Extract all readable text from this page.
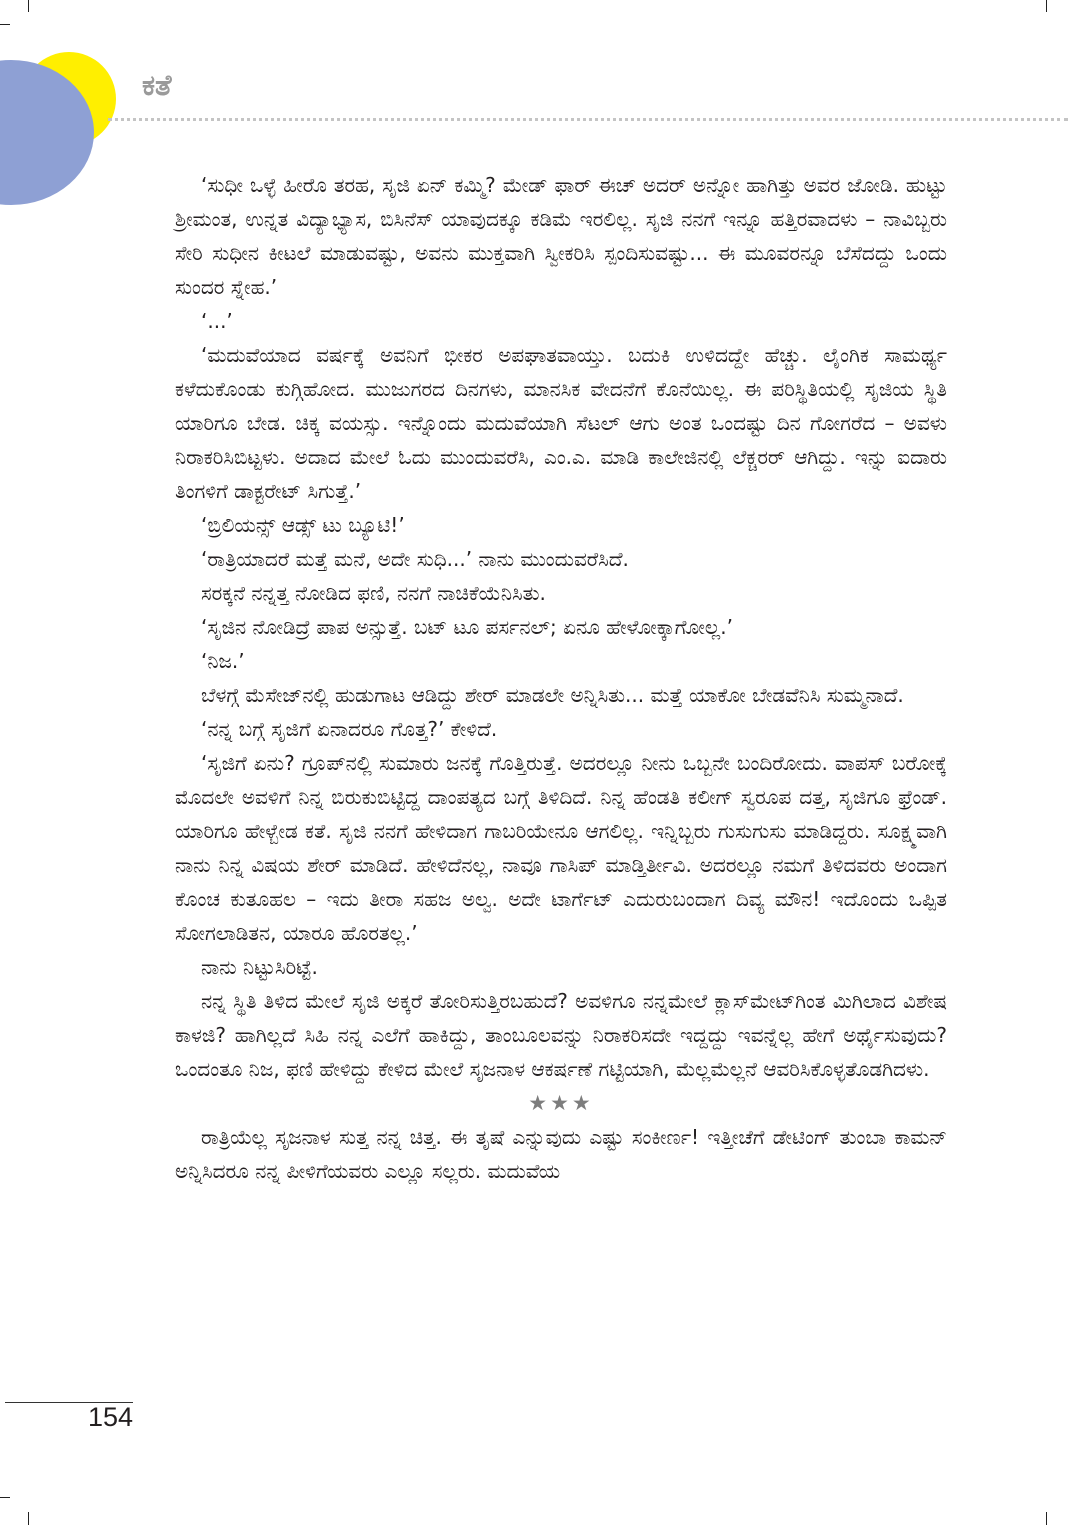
ಕತೆ

‘ಸುಧೀ ಒಳ್ಳೆ ಹೀರೊ ತರಹ, ಸೃಜಿ ಏನ್ ಕಮ್ಮಿ? ಮೇಡ್ ಫಾರ್ ಈಚ್ ಅದರ್ ಅನ್ನೋ ಹಾಗಿತ್ತು ಅವರ ಜೋಡಿ. ಹುಟ್ಟು ಶ್ರೀಮಂತ, ಉನ್ನತ ವಿದ್ಯಾಭ್ಯಾಸ, ಬಿಸಿನೆಸ್ ಯಾವುದಕ್ಕೂ ಕಡಿಮೆ ಇರಲಿಲ್ಲ. ಸೃಜಿ ನನಗೆ ಇನ್ನೂ ಹತ್ತಿರವಾದಳು – ನಾವಿಬ್ಬರು ಸೇರಿ ಸುಧೀನ ಕೀಟಲೆ ಮಾಡುವಷ್ಟು, ಅವನು ಮುಕ್ತವಾಗಿ ಸ್ವೀಕರಿಸಿ ಸ್ಪಂದಿಸುವಷ್ಟು... ಈ ಮೂವರನ್ನೂ ಬೆಸೆದದ್ದು ಒಂದು ಸುಂದರ ಸ್ನೇಹ.’

‘...’

‘ಮದುವೆಯಾದ ವರ್ಷಕ್ಕೆ ಅವನಿಗೆ ಭೀಕರ ಅಪಘಾತವಾಯ್ತು. ಬದುಕಿ ಉಳಿದದ್ದೇ ಹೆಚ್ಚು. ಲೈಂಗಿಕ ಸಾಮರ್ಥ್ಯ ಕಳೆದುಕೊಂಡು ಕುಗ್ಗಿಹೋದ. ಮುಜುಗರದ ದಿನಗಳು, ಮಾನಸಿಕ ವೇದನೆಗೆ ಕೊನೆಯಿಲ್ಲ. ಈ ಪರಿಸ್ಥಿತಿಯಲ್ಲಿ ಸೃಜಿಯ ಸ್ಥಿತಿ ಯಾರಿಗೂ ಬೇಡ. ಚಿಕ್ಕ ವಯಸ್ಸು. ಇನ್ನೊಂದು ಮದುವೆಯಾಗಿ ಸೆಟಲ್ ಆಗು ಅಂತ ಒಂದಷ್ಟು ದಿನ ಗೋಗರೆದ – ಅವಳು ನಿರಾಕರಿಸಿಬಿಟ್ಟಳು. ಅದಾದ ಮೇಲೆ ಓದು ಮುಂದುವರೆಸಿ, ಎಂ.ಎ. ಮಾಡಿ ಕಾಲೇಜಿನಲ್ಲಿ ಲೆಕ್ಚರರ್ ಆಗಿದ್ದು. ಇನ್ನು ಐದಾರು ತಿಂಗಳಿಗೆ ಡಾಕ್ಟರೇಟ್ ಸಿಗುತ್ತೆ.’

‘ಬ್ರಿಲಿಯನ್ಸ್ ಆಡ್ಸ್ ಟು ಬ್ಯೂಟಿ!’

‘ರಾತ್ರಿಯಾದರೆ ಮತ್ತೆ ಮನೆ, ಅದೇ ಸುಧಿ...’ ನಾನು ಮುಂದುವರೆಸಿದೆ.

ಸರಕ್ಕನೆ ನನ್ನತ್ತ ನೋಡಿದ ಫಣಿ, ನನಗೆ ನಾಚಿಕೆಯೆನಿಸಿತು.

‘ಸೃಜಿನ ನೋಡಿದ್ರೆ ಪಾಪ ಅನ್ಸುತ್ತೆ. ಬಟ್ ಟೂ ಪರ್ಸನಲ್; ಏನೂ ಹೇಳೋಕ್ಕಾಗೋಲ್ಲ.’

‘ನಿಜ.’

ಬೆಳಗ್ಗೆ ಮೆಸೇಜ್‌ನಲ್ಲಿ ಹುಡುಗಾಟ ಆಡಿದ್ದು ಶೇರ್ ಮಾಡಲೇ ಅನ್ನಿಸಿತು... ಮತ್ತೆ ಯಾಕೋ ಬೇಡವೆನಿಸಿ ಸುಮ್ಮನಾದೆ.

‘ನನ್ನ ಬಗ್ಗೆ ಸೃಜಿಗೆ ಏನಾದರೂ ಗೊತ್ತ?’ ಕೇಳಿದೆ.

‘ಸೃಜಿಗೆ ಏನು? ಗ್ರೂಪ್‌ನಲ್ಲಿ ಸುಮಾರು ಜನಕ್ಕೆ ಗೊತ್ತಿರುತ್ತೆ. ಅದರಲ್ಲೂ ನೀನು ಒಬ್ಬನೇ ಬಂದಿರೋದು. ವಾಪಸ್ ಬರೋಕ್ಕೆ ಮೊದಲೇ ಅವಳಿಗೆ ನಿನ್ನ ಬಿರುಕುಬಿಟ್ಟಿದ್ದ ದಾಂಪತ್ಯದ ಬಗ್ಗೆ ತಿಳಿದಿದೆ. ನಿನ್ನ ಹೆಂಡತಿ ಕಲೀಗ್ ಸ್ವರೂಪ ದತ್ತ, ಸೃಜಿಗೂ ಫ್ರೆಂಡ್. ಯಾರಿಗೂ ಹೇಳ್ಬೇಡ ಕತೆ. ಸೃಜಿ ನನಗೆ ಹೇಳಿದಾಗ ಗಾಬರಿಯೇನೂ ಆಗಲಿಲ್ಲ. ಇನ್ನಿಬ್ಬರು ಗುಸುಗುಸು ಮಾಡಿದ್ದರು. ಸೂಕ್ಷ್ಮವಾಗಿ ನಾನು ನಿನ್ನ ವಿಷಯ ಶೇರ್ ಮಾಡಿದೆ. ಹೇಳಿದೆನಲ್ಲ, ನಾವೂ ಗಾಸಿಪ್ ಮಾಡ್ತಿರ್ತೀವಿ. ಅದರಲ್ಲೂ ನಮಗೆ ತಿಳಿದವರು ಅಂದಾಗ ಕೊಂಚ ಕುತೂಹಲ – ಇದು ತೀರಾ ಸಹಜ ಅಲ್ವ. ಅದೇ ಟಾರ್ಗೆಟ್ ಎದುರುಬಂದಾಗ ದಿವ್ಯ ಮೌನ! ಇದೊಂದು ಒಪ್ಪಿತ ಸೋಗಲಾಡಿತನ, ಯಾರೂ ಹೊರತಲ್ಲ.’

ನಾನು ನಿಟ್ಟುಸಿರಿಟ್ಟೆ.

ನನ್ನ ಸ್ಥಿತಿ ತಿಳಿದ ಮೇಲೆ ಸೃಜಿ ಅಕ್ಕರೆ ತೋರಿಸುತ್ತಿರಬಹುದೆ? ಅವಳಿಗೂ ನನ್ನಮೇಲೆ ಕ್ಲಾಸ್‌ಮೇಟ್‌ಗಿಂತ ಮಿಗಿಲಾದ ವಿಶೇಷ ಕಾಳಜಿ? ಹಾಗಿಲ್ಲದೆ ಸಿಹಿ ನನ್ನ ಎಲೆಗೆ ಹಾಕಿದ್ದು, ತಾಂಬೂಲವನ್ನು ನಿರಾಕರಿಸದೇ ಇದ್ದದ್ದು ಇವನ್ನೆಲ್ಲ ಹೇಗೆ ಅರ್ಥೈಸುವುದು? ಒಂದಂತೂ ನಿಜ, ಫಣಿ ಹೇಳಿದ್ದು ಕೇಳಿದ ಮೇಲೆ ಸೃಜನಾಳ ಆಕರ್ಷಣೆ ಗಟ್ಟಿಯಾಗಿ, ಮೆಲ್ಲಮೆಲ್ಲನೆ ಆವರಿಸಿಕೊಳ್ಳತೊಡಗಿದಳು.

★★★

ರಾತ್ರಿಯೆಲ್ಲ ಸೃಜನಾಳ ಸುತ್ತ ನನ್ನ ಚಿತ್ತ. ಈ ತೃಷೆ ಎನ್ನುವುದು ಎಷ್ಟು ಸಂಕೀರ್ಣ! ಇತ್ತೀಚೆಗೆ ಡೇಟಿಂಗ್ ತುಂಬಾ ಕಾಮನ್ ಅನ್ನಿಸಿದರೂ ನನ್ನ ಪೀಳಿಗೆಯವರು ಎಲ್ಲೂ ಸಲ್ಲರು. ಮದುವೆಯ

154
